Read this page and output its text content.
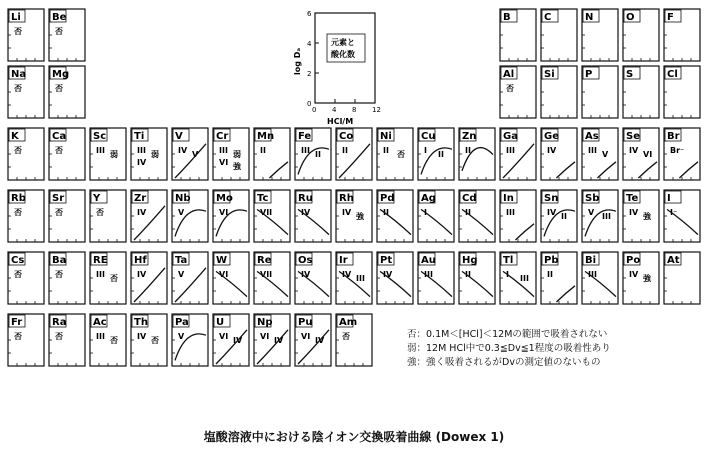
Li
否
Be
否
B	C	N	O	F
Na
否
Mg
否
Al
否
Si	P	S	Cl
K
否
Ca
否
Sc
III 弱
Ti
III 弱
IV
V
IV V
Cr
III 弱
VI 強
Mn
II
Fe
III II
Co
II
Ni
II 否
Cu
I II
Zn
II
Ga
III
Ge
IV
As
III V
Se
IV VI
Br
Br⁻
Rb
否
Sr
否
Y
否
Zr
IV
Nb
V
Mo
VI
Tc
VII
Ru
IV
Rh
IV 強
Pd
II
Ag
I
Cd
II
In
III
Sn
IV II
Sb
V III
Te
IV 強
I
I⁻
Cs
否
Ba
否
RE
III 否
Hf
IV
Ta
V
W
VI
Re
VII
Os
IV
Ir
IV III
Pt
IV
Au
III
Hg
II
Tl
I III
Pb
II
Bi
III
Po
IV 強
At
Fr
否
Ra
否
Ac
III 否
Th
IV 否
Pa
V
U
VI IV
Np
VI IV
Pu
VI IV
Am
否
6
4
2
0
0 4 8 12
log Dₐ
HCl/M
元素と
酸化数
否：0.1M＜[HCl]＜12Mの範囲で吸着されない
弱：12M HCl中で0.3≦Dv≦1程度の吸着性あり
強：強く吸着されるがDvの測定値のないもの
塩酸溶液中における陰イオン交換吸着曲線 (Dowex 1)
